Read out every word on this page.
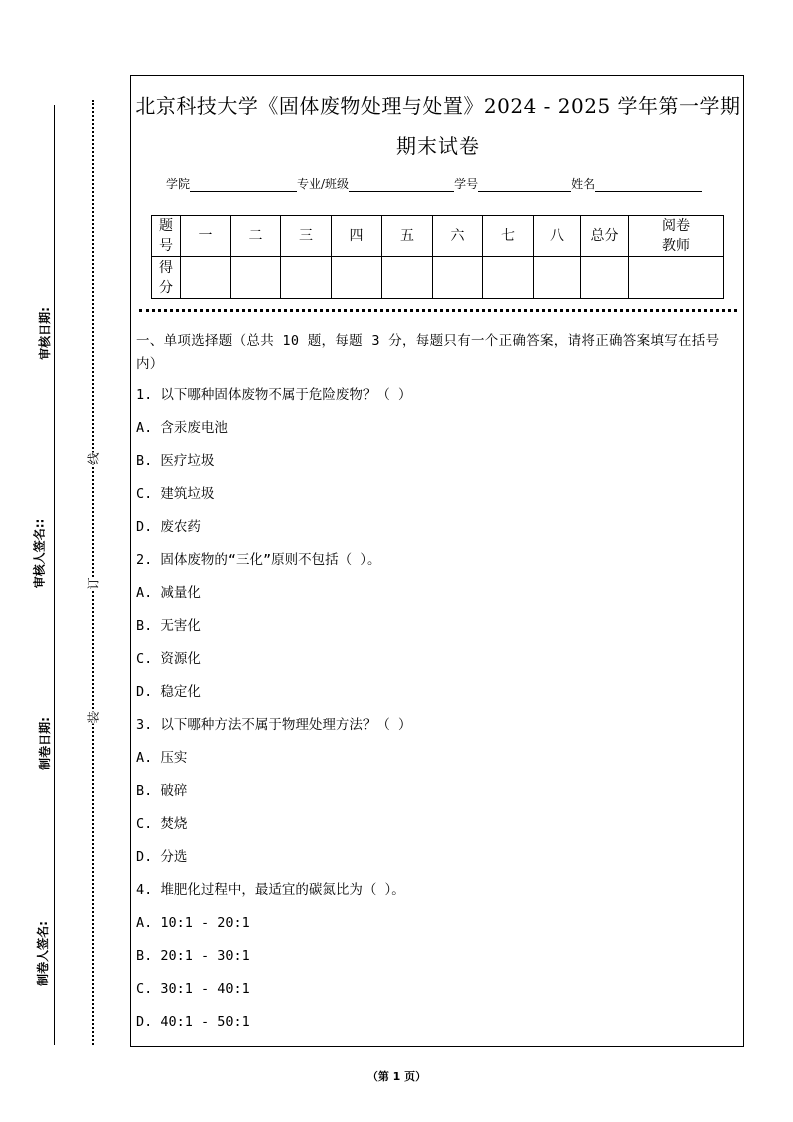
审核日期:
审核人签名::
制卷日期:
制卷人签名:
线
订
装
北京科技大学《固体废物处理与处置》2024 - 2025 学年第一学期
期末试卷
学院	专业/班级	学号	姓名
题号	一	二	三	四	五	六	七	八	总分	阅卷教师
得分										
一、单项选择题（总共 10 题，每题 3 分，每题只有一个正确答案，请将正确答案填写在括号内）
1. 以下哪种固体废物不属于危险废物？（ ）
A. 含汞废电池
B. 医疗垃圾
C. 建筑垃圾
D. 废农药
2. 固体废物的“三化”原则不包括（ ）。
A. 减量化
B. 无害化
C. 资源化
D. 稳定化
3. 以下哪种方法不属于物理处理方法？（ ）
A. 压实
B. 破碎
C. 焚烧
D. 分选
4. 堆肥化过程中，最适宜的碳氮比为（ ）。
A. 10:1 - 20:1
B. 20:1 - 30:1
C. 30:1 - 40:1
D. 40:1 - 50:1
（第 1 页）
